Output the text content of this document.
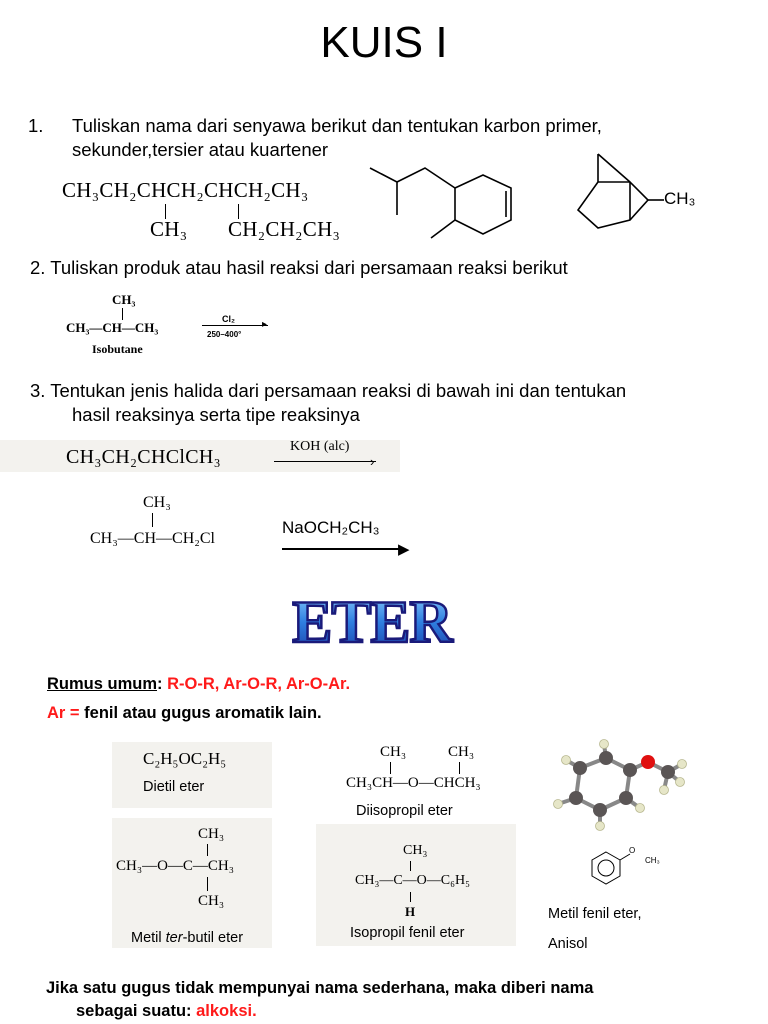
KUIS I
1. Tuliskan nama dari senyawa berikut dan tentukan karbon primer,
sekunder,tersier atau kuartener
CH₃CH₂CHCH₂CHCH₂CH₃
CH₃ CH₂CH₂CH₃
CH₃
2. Tuliskan produk atau hasil reaksi dari persamaan reaksi berikut
CH₃
CH₃—CH—CH₃
Isobutane
Cl₂	▸
250–400°
3. Tentukan jenis halida dari persamaan reaksi di bawah ini dan tentukan
hasil reaksinya serta tipe reaksinya
CH₃CH₂CHClCH₃	KOH (alc)
›
CH₃
CH₃—CH—CH₂Cl
NaOCH₂CH₃
▶
ETER
Rumus umum: R-O-R, Ar-O-R, Ar-O-Ar.
Ar = fenil atau gugus aromatik lain.
C₂H₅OC₂H₅
Dietil eter
CH₃	CH₃
CH₃CH—O—CHCH₃
Diisopropil eter
CH₃
CH₃—O—C—CH₃
CH₃
Metil ter-butil eter
CH₃
CH₃—C—O—C₆H₅
H
Isopropil fenil eter
O
CH₃
Metil fenil eter,
Anisol
Jika satu gugus tidak mempunyai nama sederhana, maka diberi nama
sebagai suatu: alkoksi.
